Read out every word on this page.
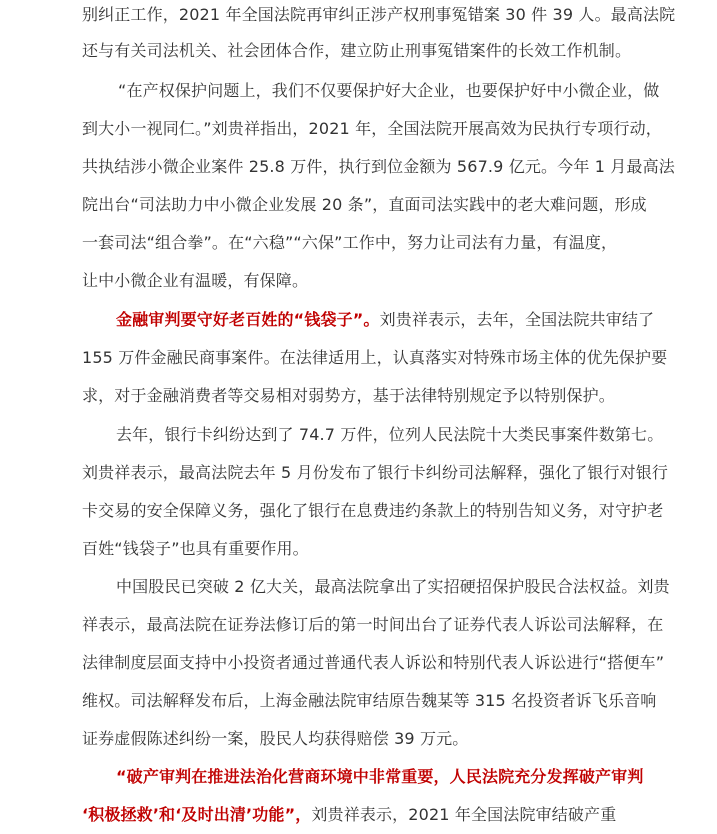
别纠正工作，2021 年全国法院再审纠正涉产权刑事冤错案 30 件 39 人。最高法院
还与有关司法机关、社会团体合作，建立防止刑事冤错案件的长效工作机制。
“在产权保护问题上，我们不仅要保护好大企业，也要保护好中小微企业，做
到大小一视同仁。”刘贵祥指出，2021 年，全国法院开展高效为民执行专项行动，
共执结涉小微企业案件 25.8 万件，执行到位金额为 567.9 亿元。今年 1 月最高法
院出台“司法助力中小微企业发展 20 条”，直面司法实践中的老大难问题，形成
一套司法“组合拳”。在“六稳”“六保”工作中，努力让司法有力量，有温度，
让中小微企业有温暖，有保障。
金融审判要守好老百姓的“钱袋子”。刘贵祥表示，去年，全国法院共审结了
155 万件金融民商事案件。在法律适用上，认真落实对特殊市场主体的优先保护要
求，对于金融消费者等交易相对弱势方，基于法律特别规定予以特别保护。
去年，银行卡纠纷达到了 74.7 万件，位列人民法院十大类民事案件数第七。
刘贵祥表示，最高法院去年 5 月份发布了银行卡纠纷司法解释，强化了银行对银行
卡交易的安全保障义务，强化了银行在息费违约条款上的特别告知义务，对守护老
百姓“钱袋子”也具有重要作用。
中国股民已突破 2 亿大关，最高法院拿出了实招硬招保护股民合法权益。刘贵
祥表示，最高法院在证券法修订后的第一时间出台了证券代表人诉讼司法解释，在
法律制度层面支持中小投资者通过普通代表人诉讼和特别代表人诉讼进行“搭便车”
维权。司法解释发布后，上海金融法院审结原告魏某等 315 名投资者诉飞乐音响
证券虚假陈述纠纷一案，股民人均获得赔偿 39 万元。
“破产审判在推进法治化营商环境中非常重要，人民法院充分发挥破产审判
‘积极拯救’和‘及时出清’功能”，刘贵祥表示，2021 年全国法院审结破产重
